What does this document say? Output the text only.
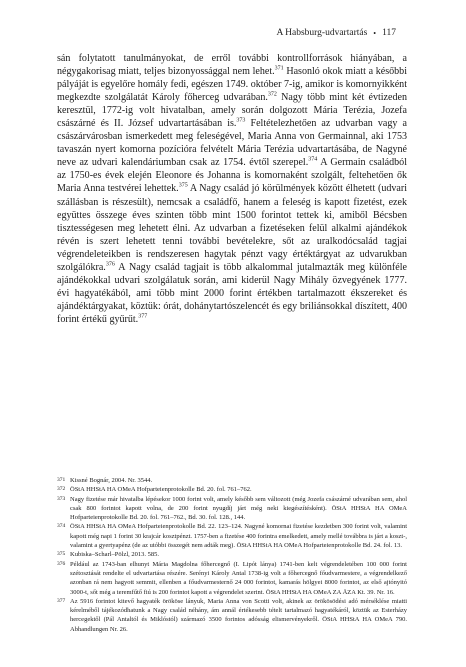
A Habsburg-udvartartás • 117
sán folytatott tanulmányokat, de erről további kontrollforrások hiányában, a négygakorisag miatt, teljes bizonyossággal nem lehet.$^{371}$ Hasonló okok miatt a későbbi pályáját is egyelőre homály fedi, egészen 1749. október 7-ig, amikor is komornyikként megkezdte szolgálatát Károly főherceg udvarában.$^{372}$ Nagy több mint két évtizeden keresztül, 1772-ig volt hivatalban, amely során dolgozott Mária Terézia, Jozefa császárné és II. József udvartartásában is.$^{373}$ Feltételezhetően az udvarban vagy a császárvárosban ismerkedett meg feleségével, Maria Anna von Germainnal, aki 1753 tavaszán nyert komorna pozícióra felvételt Mária Terézia udvartartásába, de Nagyné neve az udvari kalendáriumban csak az 1754. évtől szerepel.$^{374}$ A Germain családból az 1750-es évek elején Eleonore és Johanna is komornaként szolgált, feltehetően ők Maria Anna testvérei lehettek.$^{375}$ A Nagy család jó körülmények között élhetett (udvari szállásban is részesült), nemcsak a családfő, hanem a feleség is kapott fizetést, ezek együttes összege éves szinten több mint 1500 forintot tettek ki, amiből Bécsben tisztességesen meg lehetett élni. Az udvarban a fizetéseken felül alkalmi ajándékok révén is szert lehetett tenni további bevételekre, sőt az uralkodócsalád tagjai végrendeleteikben is rendszeresen hagytak pénzt vagy értéktárgyat az udvarukban szolgálókra.$^{376}$ A Nagy család tagjait is több alkalommal jutalmazták meg különféle ajándékokkal udvari szolgálatuk során, ami kiderül Nagy Mihály özvegyének 1777. évi hagyatékából, ami több mint 2000 forint értékben tartalmazott ékszereket és ajándéktárgyakat, köztük: órát, dohánytartószelencét és egy briliánsokkal díszített, 400 forint értékű gyűrűt.$^{377}$
371 Kissné Bognár, 2004. Nr. 3544.
372 ÖStA HHStA HA OMeA Hofparteienprotokolle Bd. 20. fol. 761–762.
373 Nagy fizetése már hivatalba lépésekor 1000 forint volt, amely később sem változott (még Jozefa császárné udvarában sem, ahol csak 800 forintot kapott volna, de 200 forint nyugdíj járt még neki kiegészítésként). ÖStA HHStA HA OMeA Hofparteienprotokolle Bd. 20. fol. 761–762., Bd. 30. fol. 128., 144.
374 ÖStA HHStA HA OMeA Hofparteienprotokolle Bd. 22. 123–124. Nagyné komornai fizetése kezdetben 300 forint volt, valamint kapott még napi 1 forint 30 krajcár kosztpénzt. 1757-ben a fizetése 400 forintra emelkedett, amely mellé továbbra is járt a koszt-, valamint a gyertyapénz (de az utóbbi összegét nem adták meg). ÖStA HHStA HA OMeA Hofparteienprotokolle Bd. 24. fol. 13.
375 Kubiska–Scharl–Pölzl, 2013. 585.
376 Például az 1743-ban elhunyt Mária Magdolna főhercegnő (I. Lipót lánya) 1741-ben kelt végrendeletében 100 000 forint szétosztását rendelte el udvartartása részére. Serényi Károly Antal 1738-ig volt a főhercegnő főudvarmestere, a végrendelkező azonban rá nem hagyott semmit, ellenben a főudvarmesternő 24 000 forintot, kamarás hölgyei 8000 forintot, az első ajtónyitó 3000-t, sőt még a teremfűtő fiú is 200 forintot kapott a végrendelet szerint. ÖStA HHStA HA OMeA ZA ÄZA Kt. 39. Nr. 16.
377 Az 5916 forintot kitevő hagyaték örököse lányuk, Maria Anna von Scotti volt, akinek az örökösödési adó mérséklése miatti kérelméből tájékozódhatunk a Nagy család néhány, ám annál értékesebb tételt tartalmazó hagyatékáról, köztük az Esterházy hercegektől (Pál Antaltól és Miklóstól) származó 3500 forintos adósság elismervényekről. ÖStA HHStA HA OMeA 790. Abhandlungen Nr. 26.
